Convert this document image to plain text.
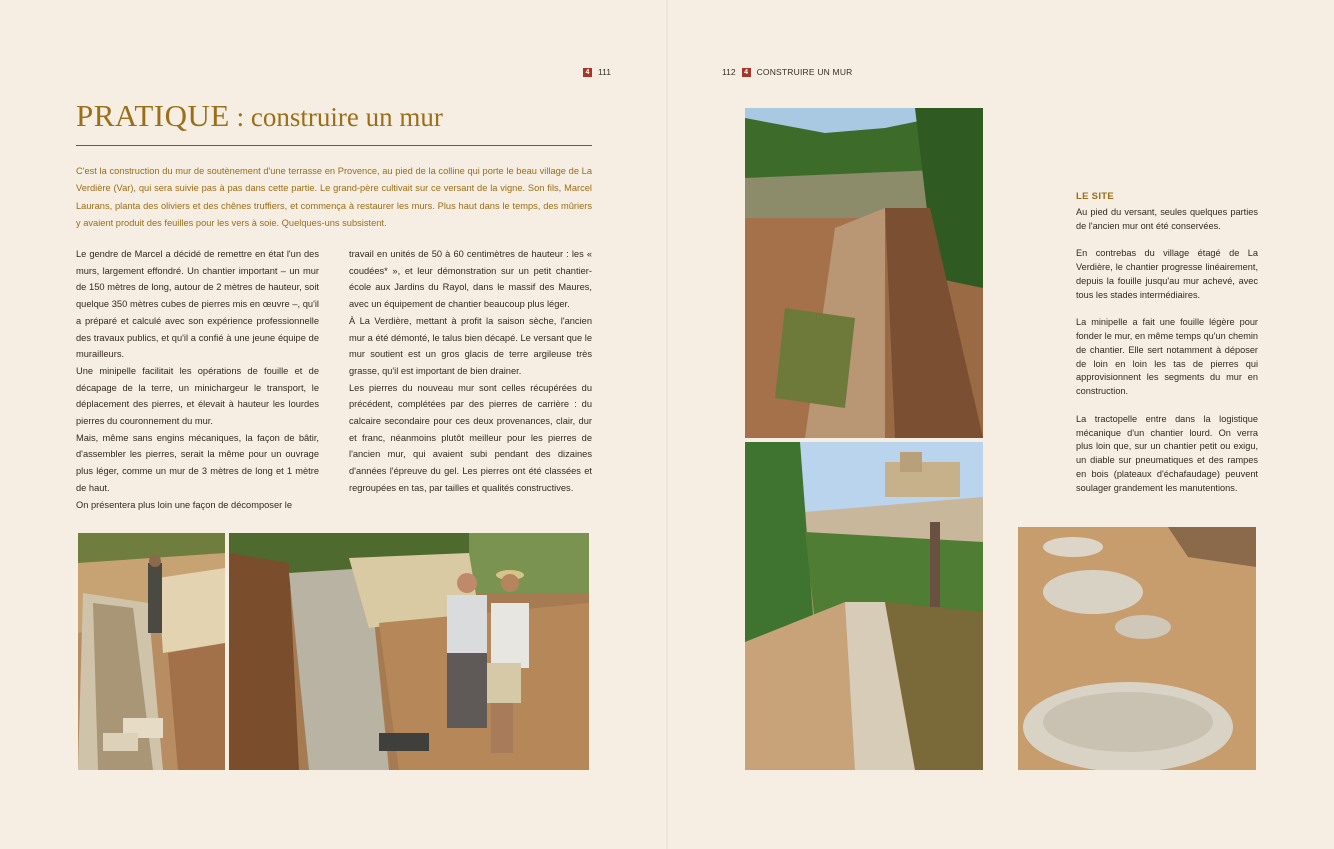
4 111	112	4 CONSTRUIRE UN MUR
PRATIQUE : construire un mur
C'est la construction du mur de soutènement d'une terrasse en Provence, au pied de la colline qui porte le beau village de La Verdière (Var), qui sera suivie pas à pas dans cette partie. Le grand-père cultivait sur ce versant de la vigne. Son fils, Marcel Laurans, planta des oliviers et des chênes truffiers, et commença à restaurer les murs. Plus haut dans le temps, des mûriers y avaient produit des feuilles pour les vers à soie. Quelques-uns subsistent.

Le gendre de Marcel a décidé de remettre en état l'un des murs, largement effondré. Un chantier important – un mur de 150 mètres de long, autour de 2 mètres de hauteur, soit quelque 350 mètres cubes de pierres mis en œuvre –, qu'il a préparé et calculé avec son expérience professionnelle des travaux publics, et qu'il a confié à une jeune équipe de murailleurs.

Une minipelle facilitait les opérations de fouille et de décapage de la terre, un minichargeur le transport, le déplacement des pierres, et élevait à hauteur les lourdes pierres du couronnement du mur.

Mais, même sans engins mécaniques, la façon de bâtir, d'assembler les pierres, serait la même pour un ouvrage plus léger, comme un mur de 3 mètres de long et 1 mètre de haut.

On présentera plus loin une façon de décomposer le

travail en unités de 50 à 60 centimètres de hauteur : les « coudées* », et leur démonstration sur un petit chantier-école aux Jardins du Rayol, dans le massif des Maures, avec un équipement de chantier beaucoup plus léger.

À La Verdière, mettant à profit la saison sèche, l'ancien mur a été démonté, le talus bien décapé. Le versant que le mur soutient est un gros glacis de terre argileuse très grasse, qu'il est important de bien drainer.

Les pierres du nouveau mur sont celles récupérées du précédent, complétées par des pierres de carrière : du calcaire secondaire pour ces deux provenances, clair, dur et franc, néanmoins plutôt meilleur pour les pierres de l'ancien mur, qui avaient subi pendant des dizaines d'années l'épreuve du gel. Les pierres ont été classées et regroupées en tas, par tailles et qualités constructives.

LE SITE

Au pied du versant, seules quelques parties de l'ancien mur ont été conservées.

En contrebas du village étagé de La Verdière, le chantier progresse linéairement, depuis la fouille jusqu'au mur achevé, avec tous les stades intermédiaires.

La minipelle a fait une fouille légère pour fonder le mur, en même temps qu'un chemin de chantier. Elle sert notamment à déposer de loin en loin les tas de pierres qui approvisionnent les segments du mur en construction.

La tractopelle entre dans la logistique mécanique d'un chantier lourd. On verra plus loin que, sur un chantier petit ou exigu, un diable sur pneumatiques et des rampes en bois (plateaux d'échafaudage) peuvent soulager grandement les manutentions.
